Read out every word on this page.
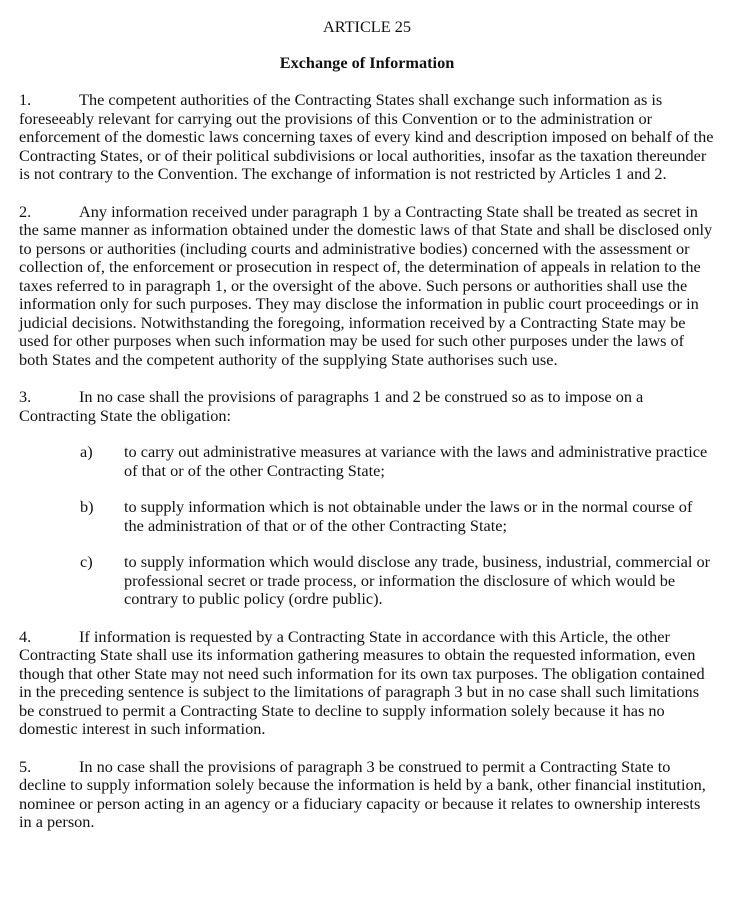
ARTICLE 25
Exchange of Information

1.	The competent authorities of the Contracting States shall exchange such information as is foreseeably relevant for carrying out the provisions of this Convention or to the administration or enforcement of the domestic laws concerning taxes of every kind and description imposed on behalf of the Contracting States, or of their political subdivisions or local authorities, insofar as the taxation thereunder is not contrary to the Convention. The exchange of information is not restricted by Articles 1 and 2.

2.	Any information received under paragraph 1 by a Contracting State shall be treated as secret in the same manner as information obtained under the domestic laws of that State and shall be disclosed only to persons or authorities (including courts and administrative bodies) concerned with the assessment or collection of, the enforcement or prosecution in respect of, the determination of appeals in relation to the taxes referred to in paragraph 1, or the oversight of the above. Such persons or authorities shall use the information only for such purposes. They may disclose the information in public court proceedings or in judicial decisions. Notwithstanding the foregoing, information received by a Contracting State may be used for other purposes when such information may be used for such other purposes under the laws of both States and the competent authority of the supplying State authorises such use.

3.	In no case shall the provisions of paragraphs 1 and 2 be construed so as to impose on a Contracting State the obligation:

a)	to carry out administrative measures at variance with the laws and administrative practice of that or of the other Contracting State;
b)	to supply information which is not obtainable under the laws or in the normal course of the administration of that or of the other Contracting State;
c)	to supply information which would disclose any trade, business, industrial, commercial or professional secret or trade process, or information the disclosure of which would be contrary to public policy (ordre public).

4.	If information is requested by a Contracting State in accordance with this Article, the other Contracting State shall use its information gathering measures to obtain the requested information, even though that other State may not need such information for its own tax purposes. The obligation contained in the preceding sentence is subject to the limitations of paragraph 3 but in no case shall such limitations be construed to permit a Contracting State to decline to supply information solely because it has no domestic interest in such information.

5.	In no case shall the provisions of paragraph 3 be construed to permit a Contracting State to decline to supply information solely because the information is held by a bank, other financial institution, nominee or person acting in an agency or a fiduciary capacity or because it relates to ownership interests in a person.
